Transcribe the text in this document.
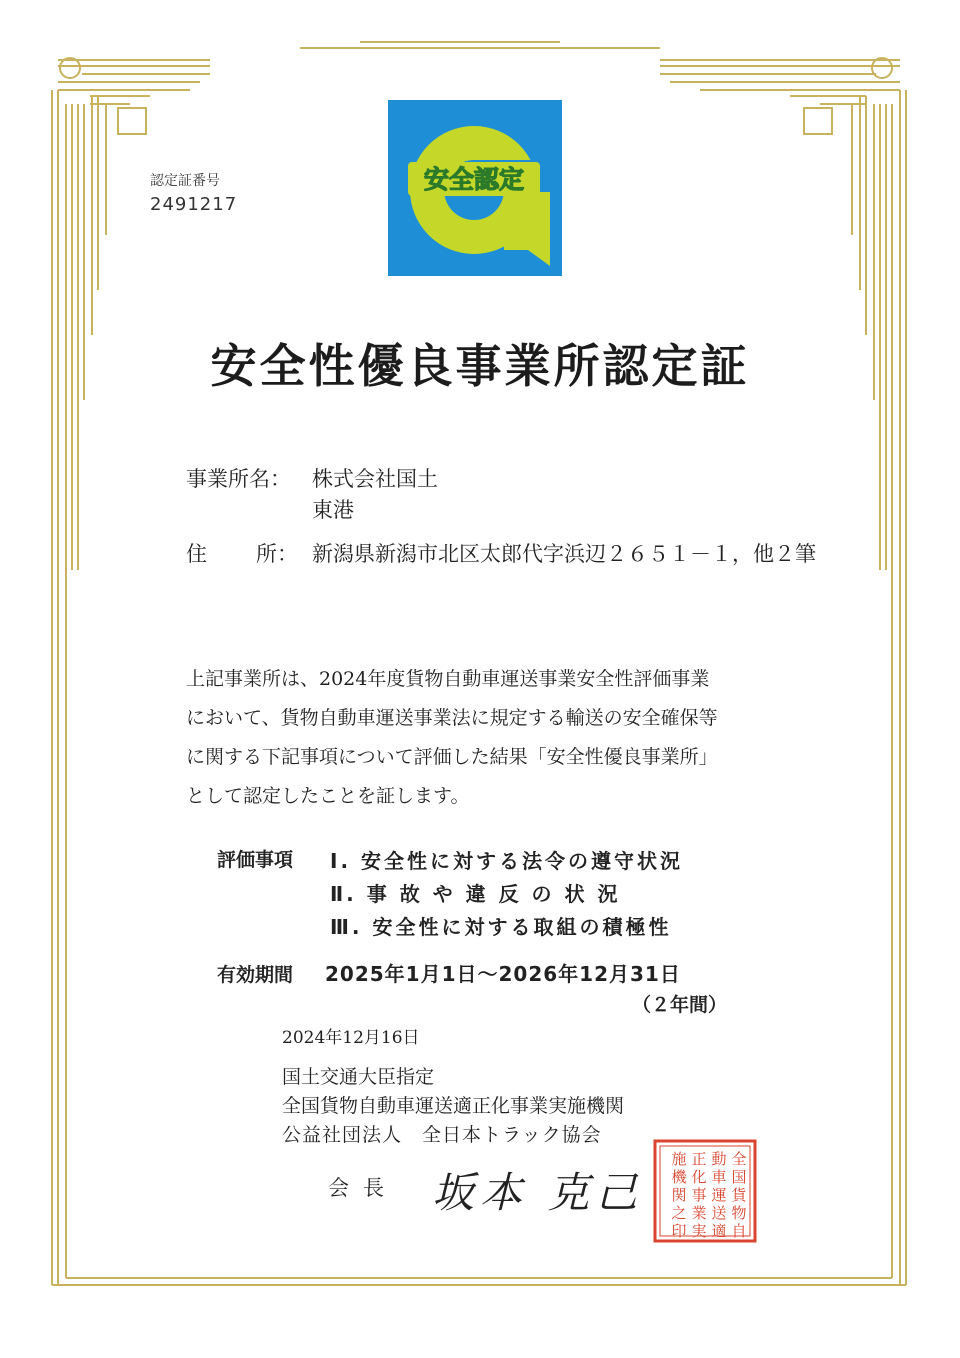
認定証番号
2491217
安全認定
安全性優良事業所認定証
事業所名： 株式会社国土
東港
住 所： 新潟県新潟市北区太郎代字浜辺２６５１－１，他２筆
上記事業所は、2024年度貨物自動車運送事業安全性評価事業
において、貨物自動車運送事業法に規定する輸送の安全確保等
に関する下記事項について評価した結果「安全性優良事業所」
として認定したことを証します。
評価事項 Ⅰ. 安全性に対する法令の遵守状況
Ⅱ. 事 故 や 違 反 の 状 況
Ⅲ. 安全性に対する取組の積極性
有効期間 2025年1月1日～2026年12月31日
（２年間）
2024年12月16日
国土交通大臣指定
全国貨物自動車運送適正化事業実施機関
公益社団法人　全日本トラック協会
会長 坂本 克己
全
国
貨
物
自
動
車
運
送
適
正
化
事
業
実
施
機
関
之
印
